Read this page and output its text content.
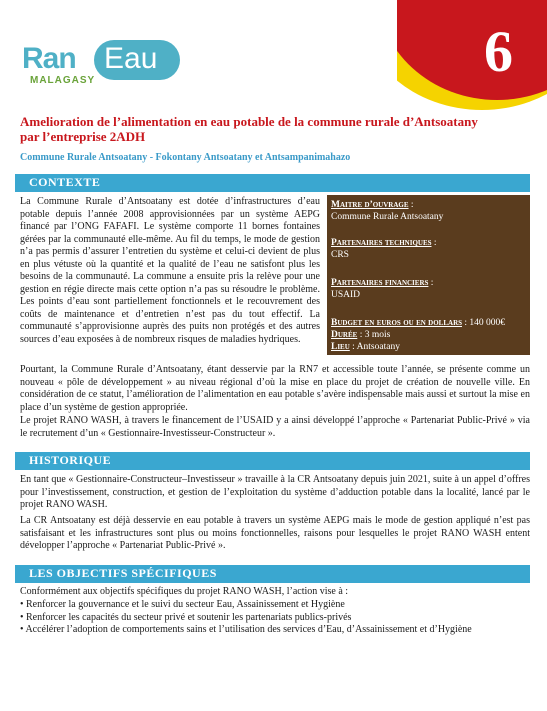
Ran Eau
MALAGASY	6
Amelioration de l’alimentation en eau potable de la commune rurale d’Antsoatany par l’entreprise 2ADH
Commune Rurale Antsoatany - Fokontany Antsoatany et Antsampanimahazo
CONTEXTE
La Commune Rurale d’Antsoatany est dotée d’infrastructures d’eau potable depuis l’année 2008 approvisionnées par un système AEPG financé par l’ONG FAFAFI. Le système comporte 11 bornes fontaines gérées par la communauté elle-même. Au fil du temps, le mode de gestion n’a pas permis d’assurer l’entretien du système et celui-ci devient de plus en plus vétuste où la quantité et la qualité de l’eau ne satisfont plus les besoins de la communauté. La commune a ensuite pris la relève pour une gestion en régie directe mais cette option n’a pas su résoudre le problème. Les points d’eau sont partiellement fonctionnels et le recouvrement des coûts de maintenance et d’entretien n’est pas du tout effectif. La communauté s’approvisionne auprès des puits non protégés et des autres sources d’eau exposées à de nombreux risques de maladies hydriques.
Maitre d’ouvrage :
Commune Rurale Antsoatany
Partenaires techniques :
CRS
Partenaires financiers :
USAID
Budget en euros ou en dollars : 140 000€
Durée : 3 mois
Lieu : Antsoatany
Pourtant, la Commune Rurale d’Antsoatany, étant desservie par la RN7 et accessible toute l’année, se présente comme un nouveau « pôle de développement » au niveau régional d’où la mise en place du projet de création de nouvelle ville. En considération de ce statut, l’amélioration de l’alimentation en eau potable s’avère indispensable mais aussi et surtout la mise en place d’un système de gestion appropriée.
Le projet RANO WASH, à travers le financement de l’USAID y a ainsi développé l’approche « Partenariat Public-Privé » via le recrutement d’un « Gestionnaire-Investisseur-Constructeur ».
HISTORIQUE
En tant que « Gestionnaire-Constructeur–Investisseur » travaille à la CR Antsoatany depuis juin 2021, suite à un appel d’offres pour l’investissement, construction, et gestion de l’exploitation du système d’adduction potable dans la localité, lancé par le projet RANO WASH.
La CR Antsoatany est déjà desservie en eau potable à travers un système AEPG mais le mode de gestion appliqué n’est pas satisfaisant et les infrastructures sont plus ou moins fonctionnelles, raisons pour lesquelles le projet RANO WASH entent développer l’approche « Partenariat Public-Privé ».
LES OBJECTIFS SPÉCIFIQUES
Conformément aux objectifs spécifiques du projet RANO WASH, l’action vise à :
• Renforcer la gouvernance et le suivi du secteur Eau, Assainissement et Hygiène
• Renforcer les capacités du secteur privé et soutenir les partenariats publics-privés
• Accélérer l’adoption de comportements sains et l’utilisation des services d’Eau, d’Assainissement et d’Hygiène
